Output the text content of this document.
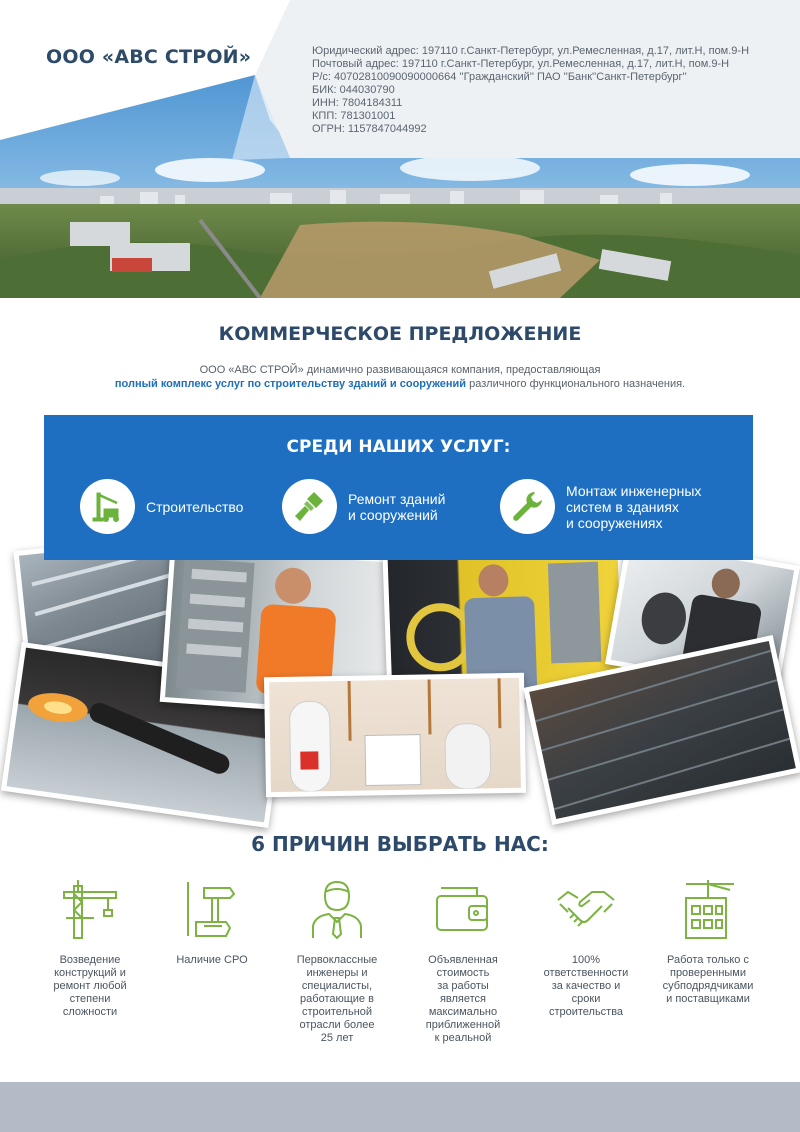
ООО «АВС СТРОЙ»	Юридический адрес: 197110 г.Санкт-Петербург, ул.Ремесленная, д.17, лит.Н, пом.9-Н
Почтовый адрес: 197110 г.Санкт-Петербург, ул.Ремесленная, д.17, лит.Н, пом.9-Н
Р/с: 40702810090090000664 ''Гражданский'' ПАО ''Банк''Санкт-Петербург''
БИК: 044030790
ИНН: 7804184311
КПП: 781301001
ОГРН: 1157847044992
КОММЕРЧЕСКОЕ ПРЕДЛОЖЕНИЕ
ООО «АВС СТРОЙ» динамично развивающаяся компания, предоставляющая
полный комплекс услуг по строительству зданий и сооружений различного функционального назначения.
СРЕДИ НАШИХ УСЛУГ:
Строительство	Ремонт зданий
и сооружений
Монтаж инженерных
систем в зданиях
и сооружениях
6 ПРИЧИН ВЫБРАТЬ НАС:
Возведение
конструкций и
ремонт любой
степени
сложности
Наличие СРО	Первоклассные
инженеры и
специалисты,
работающие в
строительной
отрасли более
25 лет
Объявленная
стоимость
за работы
является
максимально
приближенной
к реальной
100%
ответственности
за качество и
сроки
строительства
Работа только с
проверенными
субподрядчиками
и поставщиками
